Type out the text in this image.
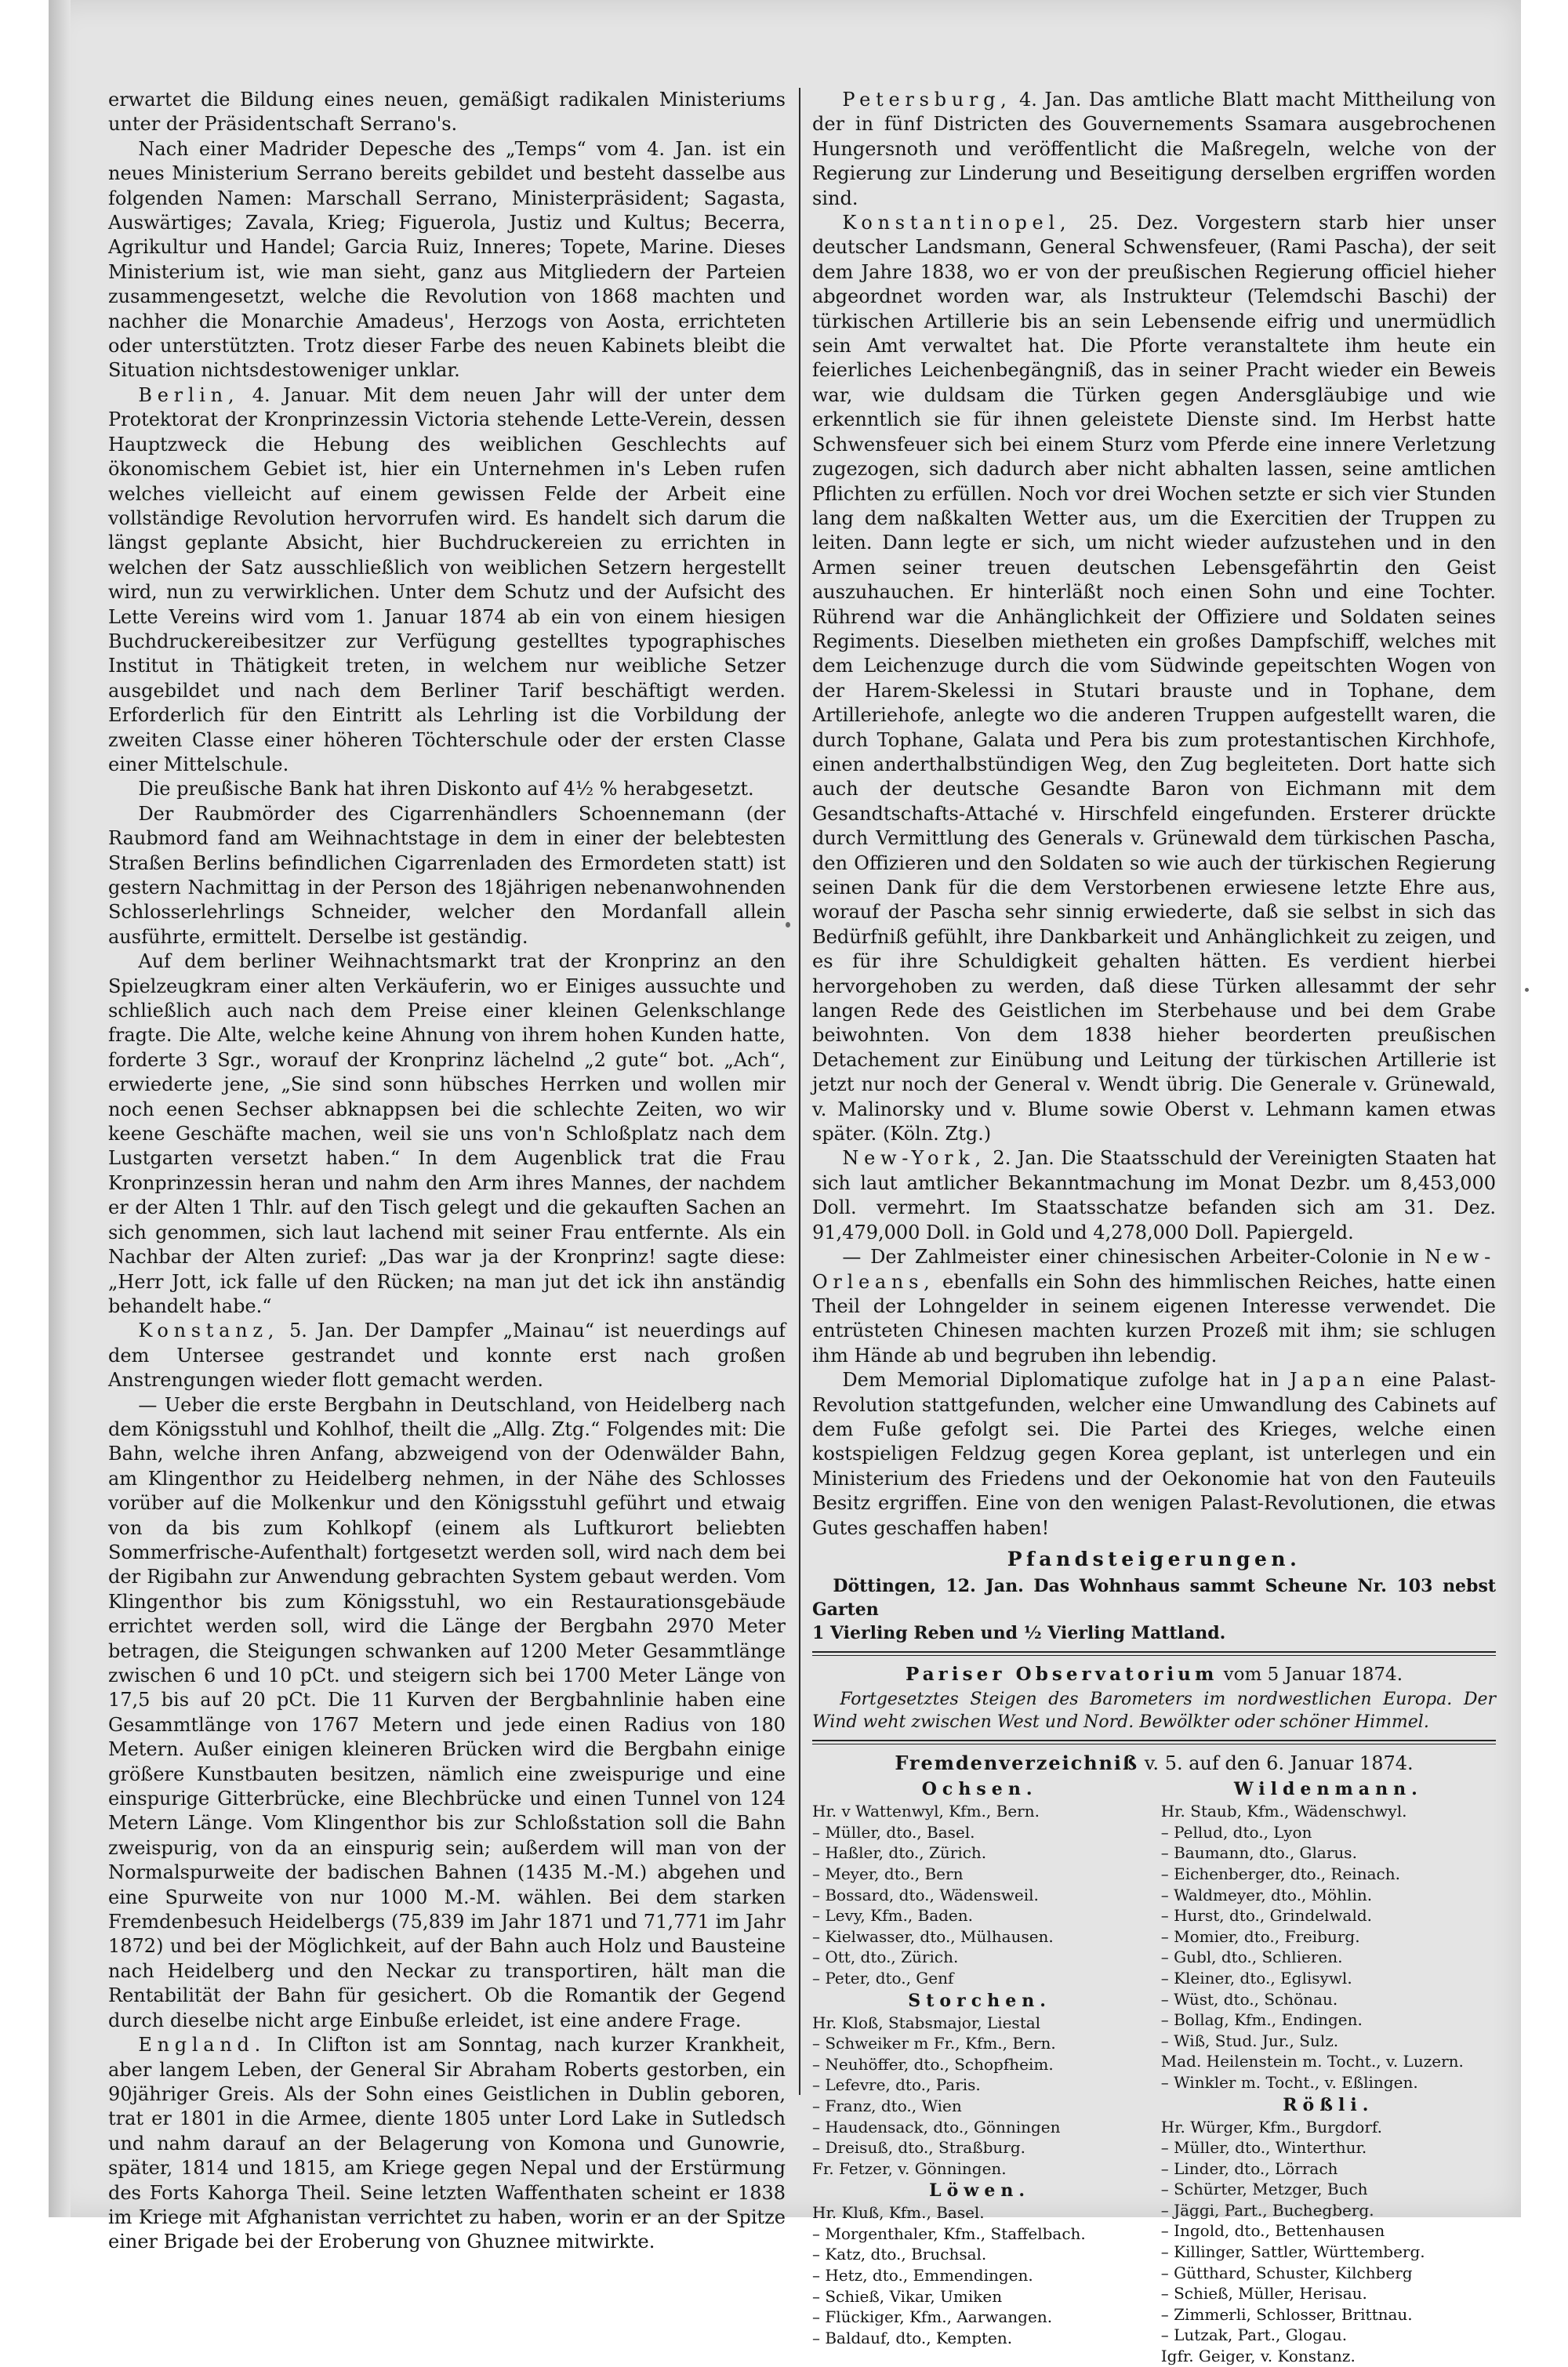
erwartet die Bildung eines neuen, gemäßigt radikalen Ministeriums unter der Präsidentschaft Serrano's.

Nach einer Madrider Depesche des „Temps“ vom 4. Jan. ist ein neues Ministerium Serrano bereits gebildet und besteht dasselbe aus folgenden Namen: Marschall Serrano, Ministerpräsident; Sagasta, Auswärtiges; Zavala, Krieg; Figuerola, Justiz und Kultus; Becerra, Agrikultur und Handel; Garcia Ruiz, Inneres; Topete, Marine. Dieses Ministerium ist, wie man sieht, ganz aus Mitgliedern der Parteien zusammengesetzt, welche die Revolution von 1868 machten und nachher die Monarchie Amadeus', Herzogs von Aosta, errichteten oder unterstützten. Trotz dieser Farbe des neuen Kabinets bleibt die Situation nichtsdestoweniger unklar.

Berlin, 4. Januar. Mit dem neuen Jahr will der unter dem Protektorat der Kronprinzessin Victoria stehende Lette-Verein, dessen Hauptzweck die Hebung des weiblichen Geschlechts auf ökonomischem Gebiet ist, hier ein Unternehmen in's Leben rufen welches vielleicht auf einem gewissen Felde der Arbeit eine vollständige Revolution hervorrufen wird. Es handelt sich darum die längst geplante Absicht, hier Buchdruckereien zu errichten in welchen der Satz ausschließlich von weiblichen Setzern hergestellt wird, nun zu verwirklichen. Unter dem Schutz und der Aufsicht des Lette Vereins wird vom 1. Januar 1874 ab ein von einem hiesigen Buchdruckereibesitzer zur Verfügung gestelltes typographisches Institut in Thätigkeit treten, in welchem nur weibliche Setzer ausgebildet und nach dem Berliner Tarif beschäftigt werden. Erforderlich für den Eintritt als Lehrling ist die Vorbildung der zweiten Classe einer höheren Töchterschule oder der ersten Classe einer Mittelschule.

Die preußische Bank hat ihren Diskonto auf 4½ % herabgesetzt.

Der Raubmörder des Cigarrenhändlers Schoennemann (der Raubmord fand am Weihnachtstage in dem in einer der belebtesten Straßen Berlins befindlichen Cigarrenladen des Ermordeten statt) ist gestern Nachmittag in der Person des 18jährigen nebenanwohnenden Schlosserlehrlings Schneider, welcher den Mordanfall allein ausführte, ermittelt. Derselbe ist geständig.

Auf dem berliner Weihnachtsmarkt trat der Kronprinz an den Spielzeugkram einer alten Verkäuferin, wo er Einiges aussuchte und schließlich auch nach dem Preise einer kleinen Gelenkschlange fragte. Die Alte, welche keine Ahnung von ihrem hohen Kunden hatte, forderte 3 Sgr., worauf der Kronprinz lächelnd „2 gute“ bot. „Ach“, erwiederte jene, „Sie sind sonn hübsches Herrken und wollen mir noch eenen Sechser abknappsen bei die schlechte Zeiten, wo wir keene Geschäfte machen, weil sie uns von'n Schloßplatz nach dem Lustgarten versetzt haben.“ In dem Augenblick trat die Frau Kronprinzessin heran und nahm den Arm ihres Mannes, der nachdem er der Alten 1 Thlr. auf den Tisch gelegt und die gekauften Sachen an sich genommen, sich laut lachend mit seiner Frau entfernte. Als ein Nachbar der Alten zurief: „Das war ja der Kronprinz! sagte diese: „Herr Jott, ick falle uf den Rücken; na man jut det ick ihn anständig behandelt habe.“

Konstanz, 5. Jan. Der Dampfer „Mainau“ ist neuerdings auf dem Untersee gestrandet und konnte erst nach großen Anstrengungen wieder flott gemacht werden.

— Ueber die erste Bergbahn in Deutschland, von Heidelberg nach dem Königsstuhl und Kohlhof, theilt die „Allg. Ztg.“ Folgendes mit: Die Bahn, welche ihren Anfang, abzweigend von der Odenwälder Bahn, am Klingenthor zu Heidelberg nehmen, in der Nähe des Schlosses vorüber auf die Molkenkur und den Königsstuhl geführt und etwaig von da bis zum Kohlkopf (einem als Luftkurort beliebten Sommerfrische-Aufenthalt) fortgesetzt werden soll, wird nach dem bei der Rigibahn zur Anwendung gebrachten System gebaut werden. Vom Klingenthor bis zum Königsstuhl, wo ein Restaurationsgebäude errichtet werden soll, wird die Länge der Bergbahn 2970 Meter betragen, die Steigungen schwanken auf 1200 Meter Gesammtlänge zwischen 6 und 10 pCt. und steigern sich bei 1700 Meter Länge von 17,5 bis auf 20 pCt. Die 11 Kurven der Bergbahnlinie haben eine Gesammtlänge von 1767 Metern und jede einen Radius von 180 Metern. Außer einigen kleineren Brücken wird die Bergbahn einige größere Kunstbauten besitzen, nämlich eine zweispurige und eine einspurige Gitterbrücke, eine Blechbrücke und einen Tunnel von 124 Metern Länge. Vom Klingenthor bis zur Schloßstation soll die Bahn zweispurig, von da an einspurig sein; außerdem will man von der Normalspurweite der badischen Bahnen (1435 M.-M.) abgehen und eine Spurweite von nur 1000 M.-M. wählen. Bei dem starken Fremdenbesuch Heidelbergs (75,839 im Jahr 1871 und 71,771 im Jahr 1872) und bei der Möglichkeit, auf der Bahn auch Holz und Bausteine nach Heidelberg und den Neckar zu transportiren, hält man die Rentabilität der Bahn für gesichert. Ob die Romantik der Gegend durch dieselbe nicht arge Einbuße erleidet, ist eine andere Frage.

England. In Clifton ist am Sonntag, nach kurzer Krankheit, aber langem Leben, der General Sir Abraham Roberts gestorben, ein 90jähriger Greis. Als der Sohn eines Geistlichen in Dublin geboren, trat er 1801 in die Armee, diente 1805 unter Lord Lake in Sutledsch und nahm darauf an der Belagerung von Komona und Gunowrie, später, 1814 und 1815, am Kriege gegen Nepal und der Erstürmung des Forts Kahorga Theil. Seine letzten Waffenthaten scheint er 1838 im Kriege mit Afghanistan verrichtet zu haben, worin er an der Spitze einer Brigade bei der Eroberung von Ghuznee mitwirkte.

Petersburg, 4. Jan. Das amtliche Blatt macht Mittheilung von der in fünf Districten des Gouvernements Ssamara ausgebrochenen Hungersnoth und veröffentlicht die Maßregeln, welche von der Regierung zur Linderung und Beseitigung derselben ergriffen worden sind.

Konstantinopel, 25. Dez. Vorgestern starb hier unser deutscher Landsmann, General Schwensfeuer, (Rami Pascha), der seit dem Jahre 1838, wo er von der preußischen Regierung officiel hieher abgeordnet worden war, als Instrukteur (Telemdschi Baschi) der türkischen Artillerie bis an sein Lebensende eifrig und unermüdlich sein Amt verwaltet hat. Die Pforte veranstaltete ihm heute ein feierliches Leichenbegängniß, das in seiner Pracht wieder ein Beweis war, wie duldsam die Türken gegen Andersgläubige und wie erkenntlich sie für ihnen geleistete Dienste sind. Im Herbst hatte Schwensfeuer sich bei einem Sturz vom Pferde eine innere Verletzung zugezogen, sich dadurch aber nicht abhalten lassen, seine amtlichen Pflichten zu erfüllen. Noch vor drei Wochen setzte er sich vier Stunden lang dem naßkalten Wetter aus, um die Exercitien der Truppen zu leiten. Dann legte er sich, um nicht wieder aufzustehen und in den Armen seiner treuen deutschen Lebensgefährtin den Geist auszuhauchen. Er hinterläßt noch einen Sohn und eine Tochter. Rührend war die Anhänglichkeit der Offiziere und Soldaten seines Regiments. Dieselben mietheten ein großes Dampfschiff, welches mit dem Leichenzuge durch die vom Südwinde gepeitschten Wogen von der Harem-Skelessi in Stutari brauste und in Tophane, dem Artilleriehofe, anlegte wo die anderen Truppen aufgestellt waren, die durch Tophane, Galata und Pera bis zum protestantischen Kirchhofe, einen anderthalbstündigen Weg, den Zug begleiteten. Dort hatte sich auch der deutsche Gesandte Baron von Eichmann mit dem Gesandtschafts-Attaché v. Hirschfeld eingefunden. Ersterer drückte durch Vermittlung des Generals v. Grünewald dem türkischen Pascha, den Offizieren und den Soldaten so wie auch der türkischen Regierung seinen Dank für die dem Verstorbenen erwiesene letzte Ehre aus, worauf der Pascha sehr sinnig erwiederte, daß sie selbst in sich das Bedürfniß gefühlt, ihre Dankbarkeit und Anhänglichkeit zu zeigen, und es für ihre Schuldigkeit gehalten hätten. Es verdient hierbei hervorgehoben zu werden, daß diese Türken allesammt der sehr langen Rede des Geistlichen im Sterbehause und bei dem Grabe beiwohnten. Von dem 1838 hieher beorderten preußischen Detachement zur Einübung und Leitung der türkischen Artillerie ist jetzt nur noch der General v. Wendt übrig. Die Generale v. Grünewald, v. Malinorsky und v. Blume sowie Oberst v. Lehmann kamen etwas später. (Köln. Ztg.)

New-York, 2. Jan. Die Staatsschuld der Vereinigten Staaten hat sich laut amtlicher Bekanntmachung im Monat Dezbr. um 8,453,000 Doll. vermehrt. Im Staatsschatze befanden sich am 31. Dez. 91,479,000 Doll. in Gold und 4,278,000 Doll. Papiergeld.

— Der Zahlmeister einer chinesischen Arbeiter-Colonie in New-Orleans, ebenfalls ein Sohn des himmlischen Reiches, hatte einen Theil der Lohngelder in seinem eigenen Interesse verwendet. Die entrüsteten Chinesen machten kurzen Prozeß mit ihm; sie schlugen ihm Hände ab und begruben ihn lebendig.

Dem Memorial Diplomatique zufolge hat in Japan eine Palast-Revolution stattgefunden, welcher eine Umwandlung des Cabinets auf dem Fuße gefolgt sei. Die Partei des Krieges, welche einen kostspieligen Feldzug gegen Korea geplant, ist unterlegen und ein Ministerium des Friedens und der Oekonomie hat von den Fauteuils Besitz ergriffen. Eine von den wenigen Palast-Revolutionen, die etwas Gutes geschaffen haben!

Pfandsteigerungen.

Döttingen, 12. Jan. Das Wohnhaus sammt Scheune Nr. 103 nebst Garten
1 Vierling Reben und ½ Vierling Mattland.

Pariser Observatorium vom 5 Januar 1874.

Fortgesetztes Steigen des Barometers im nordwestlichen Europa. Der Wind weht zwischen West und Nord. Bewölkter oder schöner Himmel.

Fremdenverzeichniß v. 5. auf den 6. Januar 1874.
Ochsen.
Hr. v Wattenwyl, Kfm., Bern.
– Müller, dto., Basel.
– Haßler, dto., Zürich.
– Meyer, dto., Bern
– Bossard, dto., Wädensweil.
– Levy, Kfm., Baden.
– Kielwasser, dto., Mülhausen.
– Ott, dto., Zürich.
– Peter, dto., Genf
Storchen.
Hr. Kloß, Stabsmajor, Liestal
– Schweiker m Fr., Kfm., Bern.
– Neuhöffer, dto., Schopfheim.
– Lefevre, dto., Paris.
– Franz, dto., Wien
– Haudensack, dto., Gönningen
– Dreisuß, dto., Straßburg.
Fr. Fetzer, v. Gönningen.
Löwen.
Hr. Kluß, Kfm., Basel.
– Morgenthaler, Kfm., Staffelbach.
– Katz, dto., Bruchsal.
– Hetz, dto., Emmendingen.
– Schieß, Vikar, Umiken
– Flückiger, Kfm., Aarwangen.
– Baldauf, dto., Kempten.
Wildenmann.
Hr. Staub, Kfm., Wädenschwyl.
– Pellud, dto., Lyon
– Baumann, dto., Glarus.
– Eichenberger, dto., Reinach.
– Waldmeyer, dto., Möhlin.
– Hurst, dto., Grindelwald.
– Momier, dto., Freiburg.
– Gubl, dto., Schlieren.
– Kleiner, dto., Eglisywl.
– Wüst, dto., Schönau.
– Bollag, Kfm., Endingen.
– Wiß, Stud. Jur., Sulz.
Mad. Heilenstein m. Tocht., v. Luzern.
– Winkler m. Tocht., v. Eßlingen.
Rößli.
Hr. Würger, Kfm., Burgdorf.
– Müller, dto., Winterthur.
– Linder, dto., Lörrach
– Schürter, Metzger, Buch
– Jäggi, Part., Buchegberg.
– Ingold, dto., Bettenhausen
– Killinger, Sattler, Württemberg.
– Gütthard, Schuster, Kilchberg
– Schieß, Müller, Herisau.
– Zimmerli, Schlosser, Brittnau.
– Lutzak, Part., Glogau.
Igfr. Geiger, v. Konstanz.
